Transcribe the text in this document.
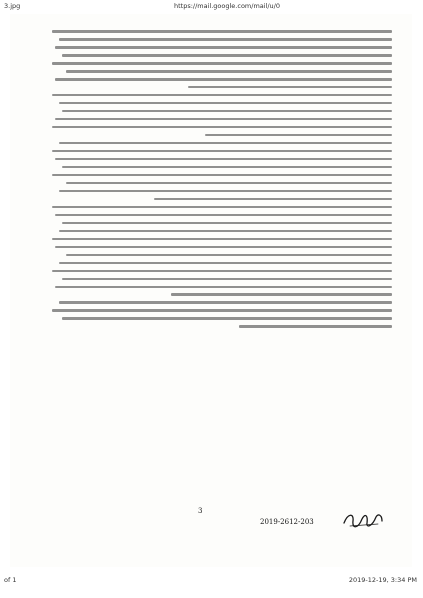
3.jpg	https://mail.google.com/mail/u/0
3
2019-2612-203
of 1	2019-12-19, 3:34 PM
